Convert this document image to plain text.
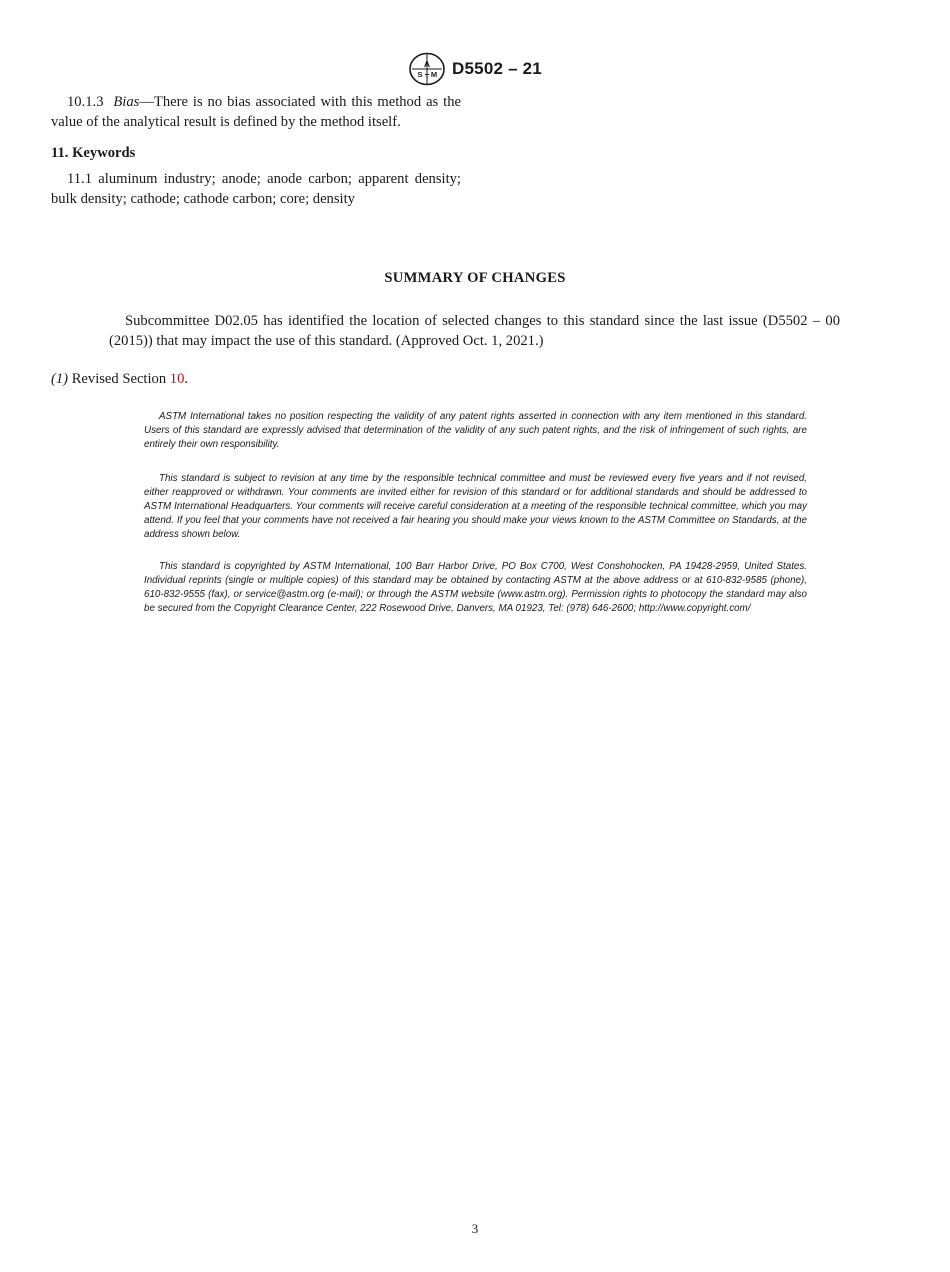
A
S T M D5502 – 21

10.1.3 Bias—There is no bias associated with this method as the value of the analytical result is defined by the method itself.

11. Keywords

11.1 aluminum industry; anode; anode carbon; apparent density; bulk density; cathode; cathode carbon; core; density

SUMMARY OF CHANGES

Subcommittee D02.05 has identified the location of selected changes to this standard since the last issue (D5502 – 00 (2015)) that may impact the use of this standard. (Approved Oct. 1, 2021.)

(1) Revised Section 10.

ASTM International takes no position respecting the validity of any patent rights asserted in connection with any item mentioned in this standard. Users of this standard are expressly advised that determination of the validity of any such patent rights, and the risk of infringement of such rights, are entirely their own responsibility.

This standard is subject to revision at any time by the responsible technical committee and must be reviewed every five years and if not revised, either reapproved or withdrawn. Your comments are invited either for revision of this standard or for additional standards and should be addressed to ASTM International Headquarters. Your comments will receive careful consideration at a meeting of the responsible technical committee, which you may attend. If you feel that your comments have not received a fair hearing you should make your views known to the ASTM Committee on Standards, at the address shown below.

This standard is copyrighted by ASTM International, 100 Barr Harbor Drive, PO Box C700, West Conshohocken, PA 19428-2959, United States. Individual reprints (single or multiple copies) of this standard may be obtained by contacting ASTM at the above address or at 610-832-9585 (phone), 610-832-9555 (fax), or service@astm.org (e-mail); or through the ASTM website (www.astm.org). Permission rights to photocopy the standard may also be secured from the Copyright Clearance Center, 222 Rosewood Drive, Danvers, MA 01923, Tel: (978) 646-2600; http://www.copyright.com/

3
